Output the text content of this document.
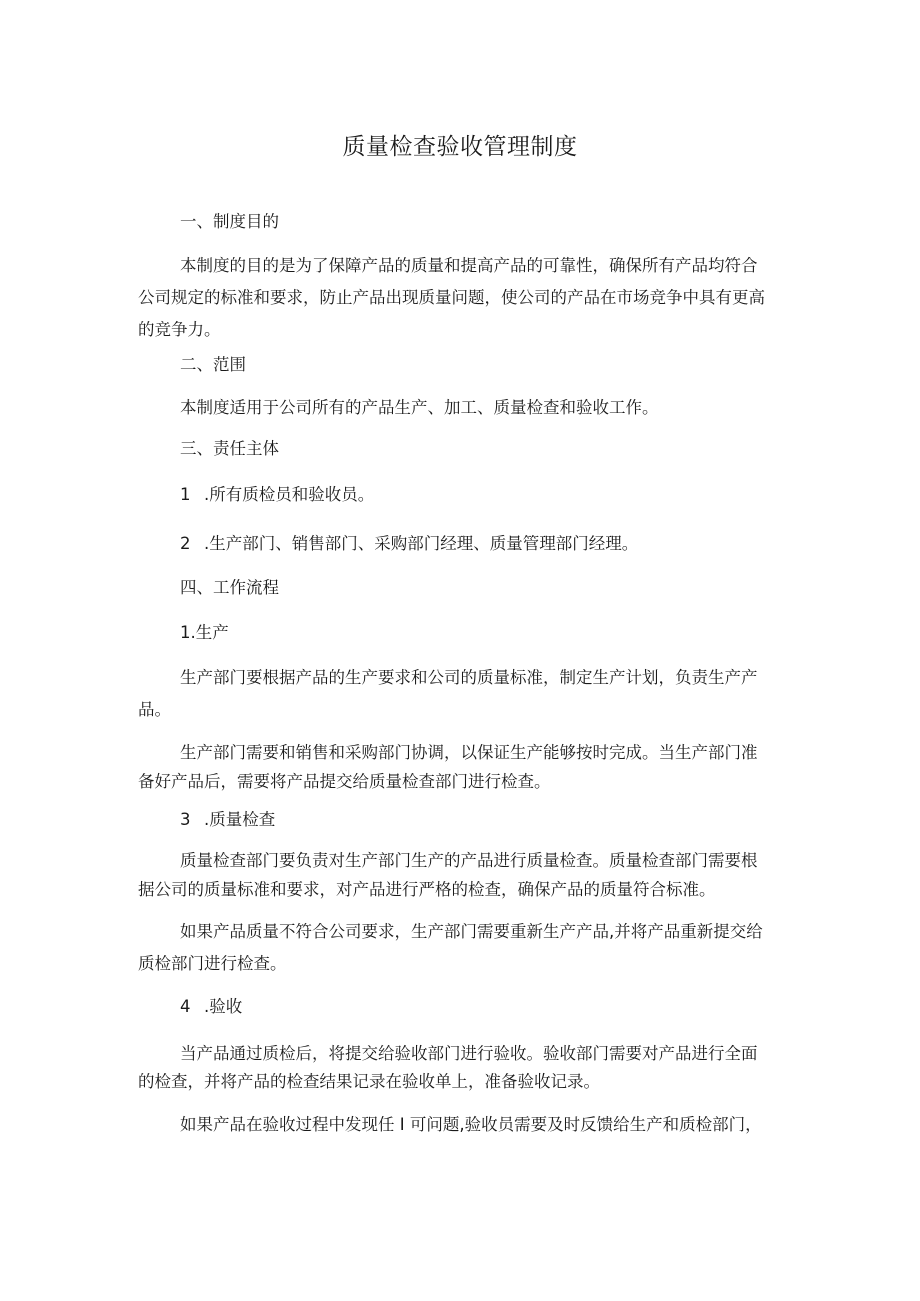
质量检查验收管理制度
一、制度目的
本制度的目的是为了保障产品的质量和提高产品的可靠性，确保所有产品均符合
公司规定的标准和要求，防止产品出现质量问题，使公司的产品在市场竞争中具有更高
的竞争力。
二、范围
本制度适用于公司所有的产品生产、加工、质量检查和验收工作。
三、责任主体
1 .所有质检员和验收员。
2 .生产部门、销售部门、采购部门经理、质量管理部门经理。
四、工作流程
1.生产
生产部门要根据产品的生产要求和公司的质量标准，制定生产计划，负责生产产
品。
生产部门需要和销售和采购部门协调，以保证生产能够按时完成。当生产部门准
备好产品后，需要将产品提交给质量检查部门进行检查。
3 .质量检查
质量检查部门要负责对生产部门生产的产品进行质量检查。质量检查部门需要根
据公司的质量标准和要求，对产品进行严格的检查，确保产品的质量符合标准。
如果产品质量不符合公司要求，生产部门需要重新生产产品,并将产品重新提交给
质检部门进行检查。
4 .验收
当产品通过质检后，将提交给验收部门进行验收。验收部门需要对产品进行全面
的检查，并将产品的检查结果记录在验收单上，准备验收记录。
如果产品在验收过程中发现任 I 可问题,验收员需要及时反馈给生产和质检部门，
